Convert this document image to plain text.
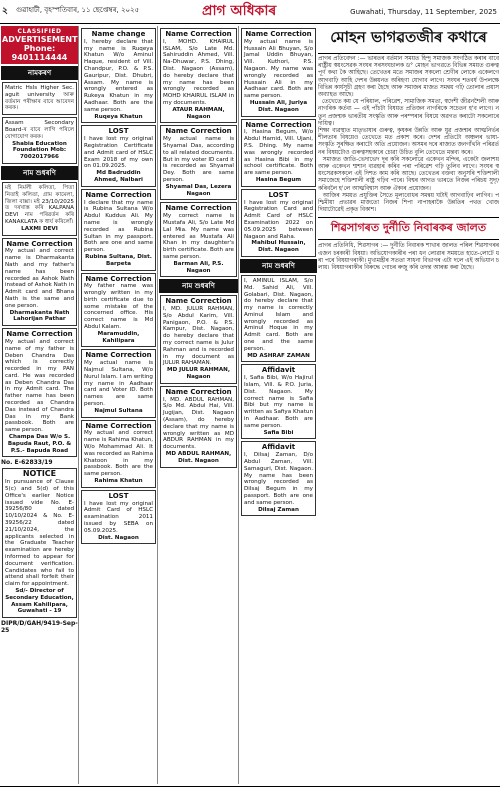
২ গুৱাহাটী, বৃহস্পতিবাৰ, ১১ ছেপ্তেম্বৰ, ২০২৫	প্ৰাগ অধিকাৰ	Guwahati, Thursday, 11 September, 2025
CLASSIFIED
ADVERTISEMENT
Phone: 9401114444
নামকৰণ
Matric Hsls Higher Sec. aguit university আৰু বৰ্তমান পৰীক্ষাৰ বাবে আবেদন কৰক।
Assam Secondary Board-ৰ বাবে লাগি পৰিলে যোগাযোগ কৰক।
Shabia Education Foundation Mob: 7002017966
নাম শুধৰণি
মই নিৰ্মলী কলিতা, পিতা নিতাই কলিতা, গ্ৰাম কামেলা, জিলা বাক্সা। মই 23/10/2025 ত দৰখাস্ত কৰি KALPANA DEVI নাম পৰিৱৰ্তন কৰি KANAKLATA ক ধাৰ্য কৰিলোঁ।
LAXMI DEVI
Name Correction
My actual and correct name is Dharmakanta Nath and my father's name has been recorded as Ashok Nath instead of Ashok Nath in Admit card and Bhana Nath is the same and one person.
Dharmakanta Nath Lahorijan Pathar
Name Correction
My actual and correct name of my father is Deben Chandra Das which is correctly recorded in my PAN card. He was recorded as Deben Chandra Das in my Admit card. The father name has been recorded as Chandra Das instead of Chandra Das in my Bank passbook. Both are same person.
Champa Das W/o S. Bapuda Raut, P.O. & P.S.- Bapuda Road
No. E-62833/19
NOTICE
In pursuance of Clause 5(c) and 5(d) of this Office's earlier Notice issued vide No. E-39256/80 dated 10/10/2024 & No. E-39256/22 dated 21/10/2024, the applicants selected in the Graduate Teacher examination are hereby informed to appear for document verification. Candidates who fail to attend shall forfeit their claim for appointment.
Sd/- Director of Secondary Education, Assam Kahilipara, Guwahati - 19
DIPR/D/GAH/9419-Sep-25
Name change
I, hereby declare that my name is Ruqeya Khatun W/o Aminul Haque, resident of Vill. Chandpur, P.O. & P.S. Gauripur, Dist. Dhubri, Assam. My name is wrongly entered as Rukeya Khatun in my Aadhaar. Both are the same person.
Ruqeya Khatun
LOST
I have lost my original Registration Certificate and Admit card of HSLC Exam 2018 of my own on 01.09.2025.
Md Badruddin Ahmed, Nalbari
Name Correction
I declare that my name is Rubina Sultana W/o Abdul Kuddus Ali. My name is wrongly recorded as Rubina Sultan in my passport. Both are one and same person.
Rubina Sultana, Dist. Barpeta
Name Correction
My father name was wrongly written in my birth certificate due to some mistake of the concerned office. His correct name is Md Abdul Kalam.
Maramuddin, Kahilipara
Name Correction
My actual name is Najmul Sultana, W/o Nurul Islam. I am writing my name in Aadhaar card and Voter ID. Both names are same person.
Najmul Sultana
Name Correction
My actual and correct name is Rahima Khatun, W/o Mohammad Ali. It was recorded as Rahima Khatoon in my passbook. Both are the same person.
Rahima Khatun
LOST
I have lost my original Admit Card of HSLC examination 2011 issued by SEBA on 05.09.2025.
Dist. Nagaon
Name Correction
I, MOHD. KHAIRUL ISLAM, S/o Late Md. Sahiruddin Ahmed, Vill. Na-Dhuwar, P.S. Dhing, Dist. Nagaon (Assam), do hereby declare that my name has been wrongly recorded as MOHD KHAIRUL ISLAM in my documents.
ATAUR RAHMAN, Nagaon
Name Correction
My actual name is Shyamal Das, according to all related documents. But in my voter ID card it is recorded as Shyamal Dey. Both are same person.
Shyamal Das, Lezera Nagaon
Name Correction
My correct name is Mustafa Ali, S/o Late Md Lal Mia. My name was entered as Mustafa Ali Khan in my daughter's birth certificate. Both are same person.
Barman Ali, P.S. Nagaon
নাম শুধৰণি
Name Correction
I, MD. JULUR RAHMAN, S/o Abdul Karim, Vill. Panigaon, P.O. & P.S. Kampur, Dist. Nagaon, do hereby declare that my correct name is Julur Rahman and is recorded in my document as JULUR RAHAMAN.
MD JULUR RAHMAN, Nagaon
Name Correction
I, MD. ABDUL RAHMAN, S/o Md. Abdul Hai, Vill. Jugijan, Dist. Nagaon (Assam), do hereby declare that my name is wrongly written as MD ABDUR RAHMAN in my documents.
MD ABDUL RAHMAN, Dist. Nagaon
Name Correction
My actual name is Hussain Ali Bhuyan, S/o Jamal Uddin Bhuyan, Vill. Kuthori, P.S. Nagaon. My name was wrongly recorded as Hussain Ali in my Aadhaar card. Both are same person.
Hussain Ali, Juriya Dist. Nagaon
Name Correction
I, Hasina Begum, W/o Abdul Hamid, Vill. Ujani, P.S. Dhing. My name was wrongly recorded as Hasina Bibi in my school certificate. Both are same person.
Hasina Begum
LOST
I have lost my original Registration Card and Admit Card of HSLC Examination 2022 on 05.09.2025 between Nagaon and Raha.
Mahibul Hussain, Dist. Nagaon
নাম শুধৰণি
I, AMINUL ISLAM, S/o Md. Sahid Ali, Vill. Golabari, Dist. Nagaon, do hereby declare that my name is correctly Aminul Islam and wrongly recorded as Aminul Hoque in my Admit card. Both are one and the same person.
MD ASHRAF ZAMAN
Affidavit
I, Safia Bibi, W/o Hajirul Islam, Vill. & P.O. Juria, Dist. Nagaon. My correct name is Safia Bibi but my name is written as Safiya Khatun in Aadhaar. Both are same person.
Safia Bibi
Affidavit
I, Dilsaj Zaman, D/o Abdul Zaman, Vill. Samaguri, Dist. Nagaon. My name has been wrongly recorded as Dilsaj Begum in my passport. Both are one and same person.
Dilsaj Zaman
মোহন ভাগৱতজীৰ কথাৰে

প্ৰাগৰ প্ৰতিবেদন :— ভাৰতৰ বৰ্তমান সময়ত হিন্দু সমাজক সংগঠিত কৰাৰ বাবে ৰাষ্ট্ৰীয় স্বয়ংসেৱক সংঘৰ সৰসংঘচালক ড° মোহন ভাগৱতে বিভিন্ন সময়ত গুৰুত্বপূৰ্ণ কথা কৈ আহিছে। তেখেতৰ মতে সমাজৰ সকলো শ্ৰেণীৰ লোকে একেলগে আগবাঢ়ি আহি দেশৰ উন্নয়নত অৰিহণা যোগাব লাগে। সংঘৰ শতবৰ্ষ উপলক্ষে বিভিন্ন কাৰ্যসূচী গ্ৰহণ কৰা হৈছে আৰু সমাজৰ মাজত সমন্বয় গঢ়ি তোলাৰ প্ৰয়াস অব্যাহত আছে।
তেখেতে কয় যে পৰিয়াল, পৰিৱেশ, সামাজিক সমতা, স্বদেশী জীৱনশৈলী আৰু নাগৰিক কৰ্তব্য — এই পাঁচটা বিষয়ত প্ৰতিজন নাগৰিকে সচেতন হ'ব লাগে। নতুন প্ৰজন্মক ভাৰতীয় সংস্কৃতি আৰু পৰম্পৰাৰ বিষয়ে অৱগত কৰাটো সকলোৰে দায়িত্ব।

শিক্ষা ব্যৱস্থাত মাতৃভাষাৰ গুৰুত্ব, কৃষকৰ উন্নতি আৰু যুৱ প্ৰজন্মৰ আত্মনিৰ্ভৰশীলতাৰ বিষয়েও তেখেতে মত প্ৰকাশ কৰে। দেশৰ প্ৰতিটো অঞ্চলৰ ভাষা-সংস্কৃতি সুৰক্ষিত কৰাটো অতি প্ৰয়োজন। অসমৰ দৰে ৰাজ্যত জনগাঁথনি পৰিৱৰ্তনৰ বিষয়টোও গুৰুত্বসহকাৰে চোৱা উচিত বুলি তেখেতে মন্তব্য কৰে।
সমাজত জাতি-ভেদাভেদ দূৰ কৰি সকলোৱে একেখন মন্দিৰ, একেটা জলাশয় আৰু একেখন শ্মশান ব্যৱহাৰ কৰিব পৰা পৰিৱেশ গঢ়ি তুলিব লাগে। সংঘৰ স্বয়ংসেৱকসকলে এই দিশত কাম কৰি আছে। তেখেতৰ বক্তব্য অনুসৰি শক্তিশালী সমাজেহে শক্তিশালী ৰাষ্ট্ৰ গঢ়িব পাৰে। বিশ্বৰ আগত ভাৰতে নিজৰ পৰিচয় সুদৃঢ় কৰিবলৈ হ'লে আত্মবিশ্বাস আৰু ঐক্যৰ প্ৰয়োজন।
আজিৰ সময়ত প্ৰযুক্তিৰ সৈতে মূল্যবোধৰ সমন্বয় ঘটাই আগবাঢ়িব লাগিব। পশ্চিমীয়া প্ৰভাৱৰ মাজতো নিজৰ শিপা নাপাহৰাকৈ উন্নতিৰ পথত খোজ দিয়াটোৱেই প্ৰকৃত বিকাশ।

শিৱসাগৰত দুৰ্নীতি নিবাৰকৰ জালত

প্ৰাগৰ প্ৰতিনিধি, শিৱসাগৰ :— দুৰ্নীতি নিবাৰক শাখাৰ জালত পৰিল শিৱসাগৰৰ এজন চৰকাৰী বিষয়া। অভিযোগকাৰীৰ পৰা ধন লোৱাৰ সময়তে হাতে-লোটে ধৰা পৰে বিষয়াগৰাকী। মুখ্যমন্ত্ৰীৰ সততা সাধনা বিভাগৰ এটা দলে এই অভিযান চলায়। বিষয়াগৰাকীৰ বিৰুদ্ধে গোচৰ ৰুজু কৰি তদন্ত আৰম্ভ কৰা হৈছে।
